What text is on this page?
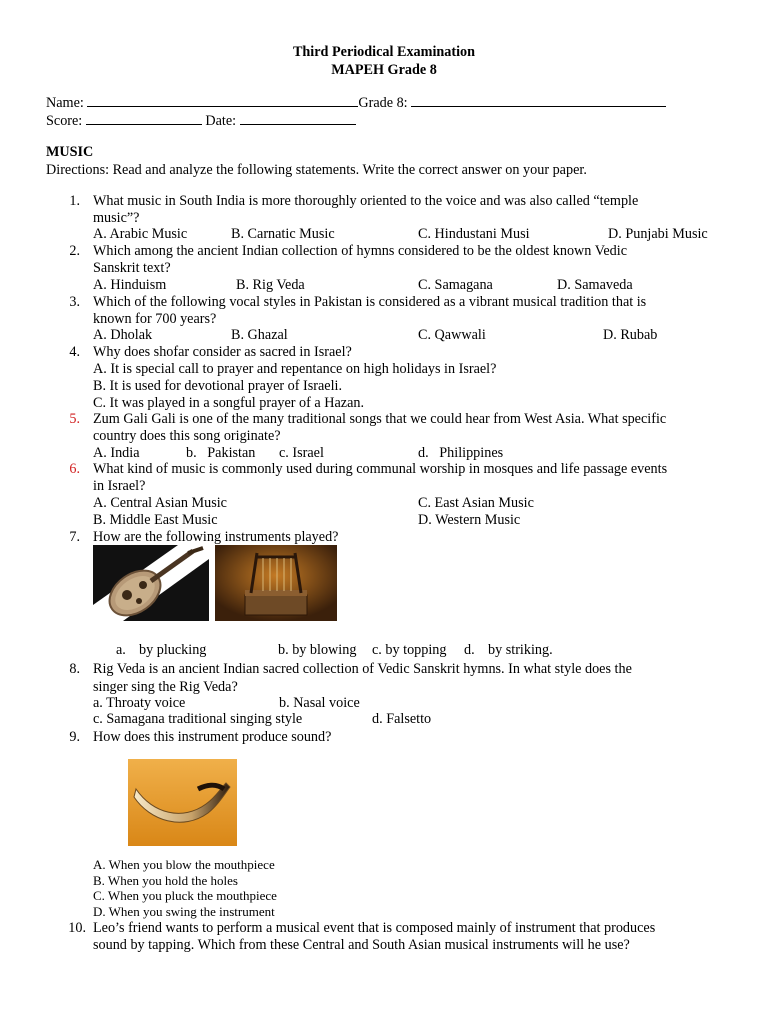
Third Periodical Examination
MAPEH Grade 8
Name:	Grade 8:
Score:	Date:
MUSIC
Directions: Read and analyze the following statements. Write the correct answer on your paper.
1. What music in South India is more thoroughly oriented to the voice and was also called “temple
music”?
A. Arabic Music	B. Carnatic Music	C. Hindustani Musi	D. Punjabi Music
2. Which among the ancient Indian collection of hymns considered to be the oldest known Vedic
Sanskrit text?
A. Hinduism	B. Rig Veda	C. Samagana	D. Samaveda
3. Which of the following vocal styles in Pakistan is considered as a vibrant musical tradition that is
known for 700 years?
A. Dholak	B. Ghazal	C. Qawwali	D. Rubab
4. Why does shofar consider as sacred in Israel?
A. It is special call to prayer and repentance on high holidays in Israel?
B. It is used for devotional prayer of Israeli.
C. It was played in a songful prayer of a Hazan.
5. Zum Gali Gali is one of the many traditional songs that we could hear from West Asia. What specific
country does this song originate?
A. India	b.   Pakistan c. Israel	d.   Philippines
6. What kind of music is commonly used during communal worship in mosques and life passage events
in Israel?
A. Central Asian Music	C. East Asian Music
B. Middle East Music	D. Western Music
7. How are the following instruments played?
a. by plucking	b. by blowing c. by topping d. by striking.
8. Rig Veda is an ancient Indian sacred collection of Vedic Sanskrit hymns. In what style does the
singer sing the Rig Veda?
a. Throaty voice	b. Nasal voice
c. Samagana traditional singing style	d. Falsetto
9. How does this instrument produce sound?
A. When you blow the mouthpiece
B. When you hold the holes
C. When you pluck the mouthpiece
D. When you swing the instrument
10. Leo’s friend wants to perform a musical event that is composed mainly of instrument that produces
sound by tapping. Which from these Central and South Asian musical instruments will he use?
